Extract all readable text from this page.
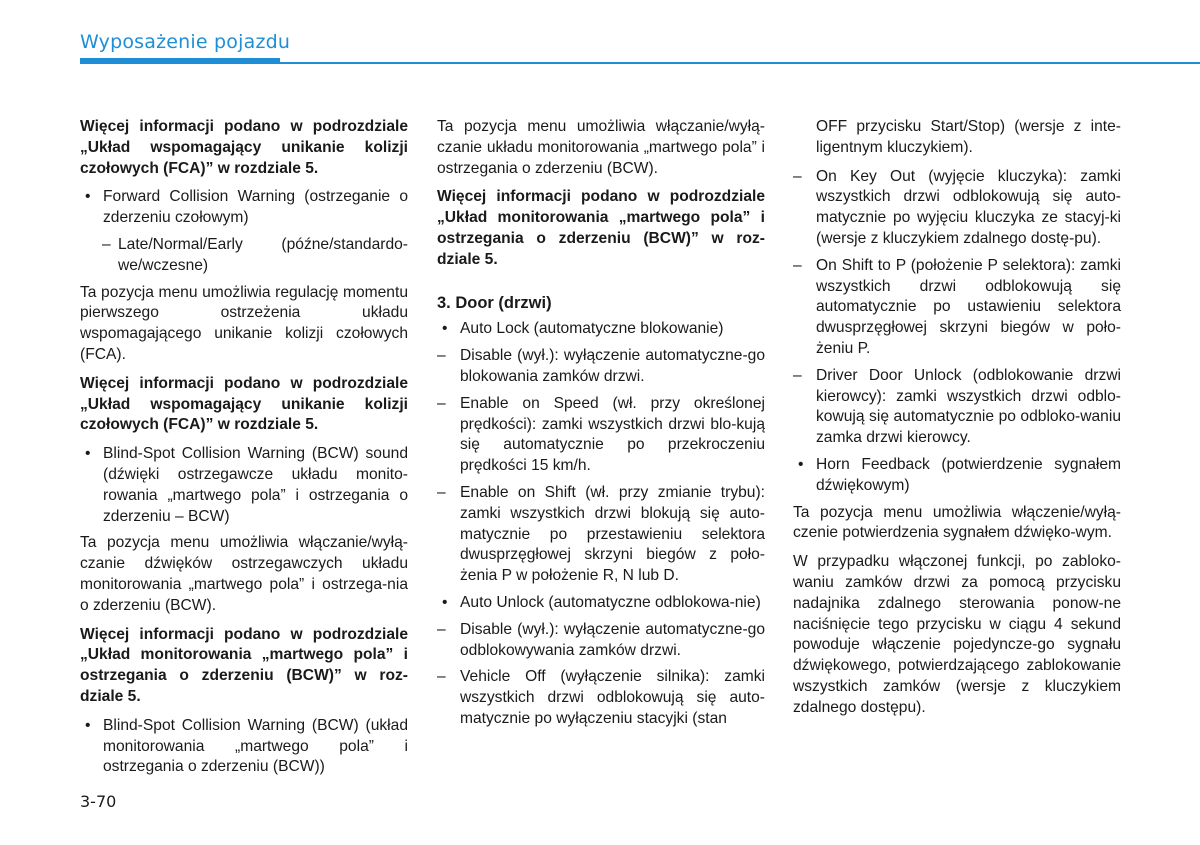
Wyposażenie pojazdu

Więcej informacji podano w podrozdziale „Układ wspomagający unikanie kolizji czołowych (FCA)” w rozdziale 5.

• Forward Collision Warning (ostrzeganie o zderzeniu czołowym)
– Late/Normal/Early (późne/standardo-we/wczesne)

Ta pozycja menu umożliwia regulację momentu pierwszego ostrzeżenia układu wspomagającego unikanie kolizji czołowych (FCA).

Więcej informacji podano w podrozdziale „Układ wspomagający unikanie kolizji czołowych (FCA)” w rozdziale 5.

• Blind-Spot Collision Warning (BCW) sound (dźwięki ostrzegawcze układu monito-rowania „martwego pola” i ostrzegania o zderzeniu – BCW)

Ta pozycja menu umożliwia włączanie/wyłą-czanie dźwięków ostrzegawczych układu monitorowania „martwego pola” i ostrzega-nia o zderzeniu (BCW).

Więcej informacji podano w podrozdziale „Układ monitorowania „martwego pola” i ostrzegania o zderzeniu (BCW)” w roz-dziale 5.

• Blind-Spot Collision Warning (BCW) (układ monitorowania „martwego pola” i ostrzegania o zderzeniu (BCW))

Ta pozycja menu umożliwia włączanie/wyłą-czanie układu monitorowania „martwego pola” i ostrzegania o zderzeniu (BCW).

Więcej informacji podano w podrozdziale „Układ monitorowania „martwego pola” i ostrzegania o zderzeniu (BCW)” w roz-dziale 5.

3. Door (drzwi)
• Auto Lock (automatyczne blokowanie)
– Disable (wył.): wyłączenie automatyczne-go blokowania zamków drzwi.
– Enable on Speed (wł. przy określonej prędkości): zamki wszystkich drzwi blo-kują się automatycznie po przekroczeniu prędkości 15 km/h.
– Enable on Shift (wł. przy zmianie trybu): zamki wszystkich drzwi blokują się auto-matycznie po przestawieniu selektora dwusprzęgłowej skrzyni biegów z poło-żenia P w położenie R, N lub D.
• Auto Unlock (automatyczne odblokowa-nie)
– Disable (wył.): wyłączenie automatyczne-go odblokowywania zamków drzwi.
– Vehicle Off (wyłączenie silnika): zamki wszystkich drzwi odblokowują się auto-matycznie po wyłączeniu stacyjki (stan
OFF przycisku Start/Stop) (wersje z inte-ligentnym kluczykiem).
– On Key Out (wyjęcie kluczyka): zamki wszystkich drzwi odblokowują się auto-matycznie po wyjęciu kluczyka ze stacyj-ki (wersje z kluczykiem zdalnego dostę-pu).
– On Shift to P (położenie P selektora): zamki wszystkich drzwi odblokowują się automatycznie po ustawieniu selektora dwusprzęgłowej skrzyni biegów w poło-żeniu P.
– Driver Door Unlock (odblokowanie drzwi kierowcy): zamki wszystkich drzwi odblo-kowują się automatycznie po odbloko-waniu zamka drzwi kierowcy.
• Horn Feedback (potwierdzenie sygnałem dźwiękowym)

Ta pozycja menu umożliwia włączenie/wyłą-czenie potwierdzenia sygnałem dźwięko-wym.

W przypadku włączonej funkcji, po zabloko-waniu zamków drzwi za pomocą przycisku nadajnika zdalnego sterowania ponow-ne naciśnięcie tego przycisku w ciągu 4 sekund powoduje włączenie pojedyncze-go sygnału dźwiękowego, potwierdzającego zablokowanie wszystkich zamków (wersje z kluczykiem zdalnego dostępu).

3-70
